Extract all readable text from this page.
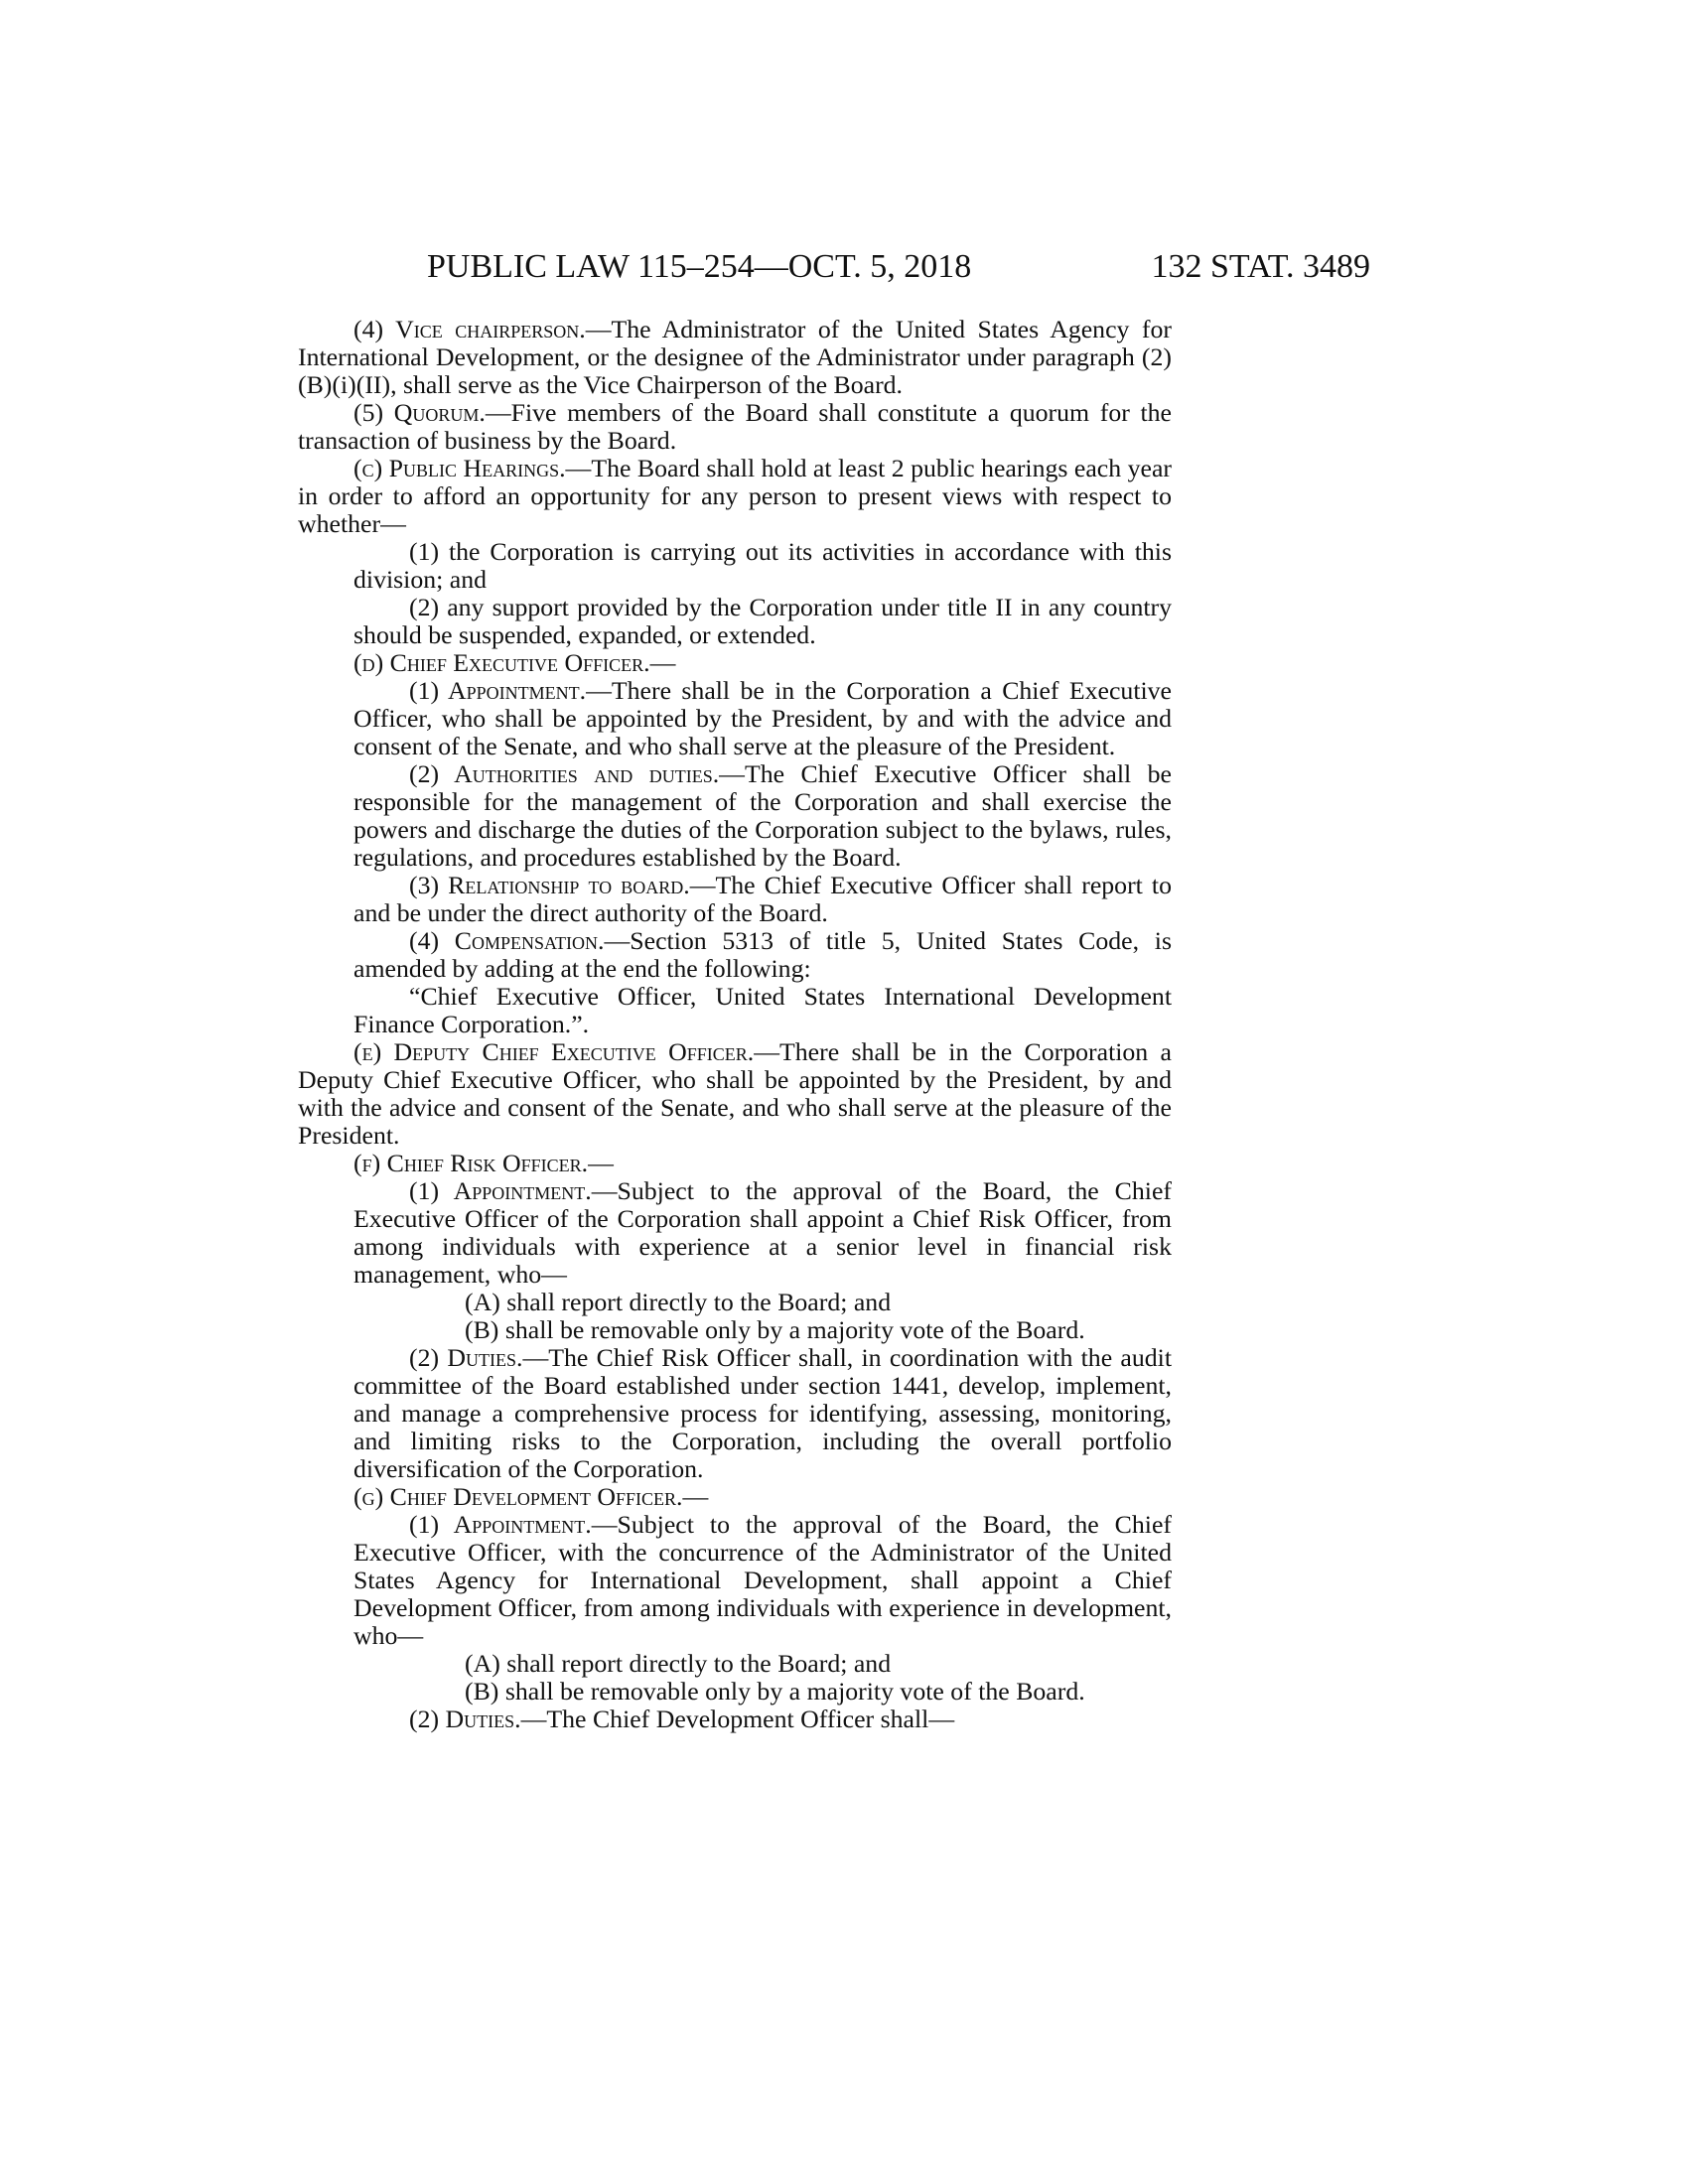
PUBLIC LAW 115–254—OCT. 5, 2018	132 STAT. 3489

(4) Vice chairperson.—The Administrator of the United States Agency for International Development, or the designee of the Administrator under paragraph (2)(B)(i)(II), shall serve as the Vice Chairperson of the Board.

(5) Quorum.—Five members of the Board shall constitute a quorum for the transaction of business by the Board.

(c) Public Hearings.—The Board shall hold at least 2 public hearings each year in order to afford an opportunity for any person to present views with respect to whether—

(1) the Corporation is carrying out its activities in accordance with this division; and

(2) any support provided by the Corporation under title II in any country should be suspended, expanded, or extended.

(d) Chief Executive Officer.—

(1) Appointment.—There shall be in the Corporation a Chief Executive Officer, who shall be appointed by the President, by and with the advice and consent of the Senate, and who shall serve at the pleasure of the President.

(2) Authorities and duties.—The Chief Executive Officer shall be responsible for the management of the Corporation and shall exercise the powers and discharge the duties of the Corporation subject to the bylaws, rules, regulations, and procedures established by the Board.

(3) Relationship to board.—The Chief Executive Officer shall report to and be under the direct authority of the Board.

(4) Compensation.—Section 5313 of title 5, United States Code, is amended by adding at the end the following:

“Chief Executive Officer, United States International Development Finance Corporation.”.

(e) Deputy Chief Executive Officer.—There shall be in the Corporation a Deputy Chief Executive Officer, who shall be appointed by the President, by and with the advice and consent of the Senate, and who shall serve at the pleasure of the President.

(f) Chief Risk Officer.—

(1) Appointment.—Subject to the approval of the Board, the Chief Executive Officer of the Corporation shall appoint a Chief Risk Officer, from among individuals with experience at a senior level in financial risk management, who—

(A) shall report directly to the Board; and

(B) shall be removable only by a majority vote of the Board.

(2) Duties.—The Chief Risk Officer shall, in coordination with the audit committee of the Board established under section 1441, develop, implement, and manage a comprehensive process for identifying, assessing, monitoring, and limiting risks to the Corporation, including the overall portfolio diversification of the Corporation.

(g) Chief Development Officer.—

(1) Appointment.—Subject to the approval of the Board, the Chief Executive Officer, with the concurrence of the Administrator of the United States Agency for International Development, shall appoint a Chief Development Officer, from among individuals with experience in development, who—

(A) shall report directly to the Board; and

(B) shall be removable only by a majority vote of the Board.

(2) Duties.—The Chief Development Officer shall—
